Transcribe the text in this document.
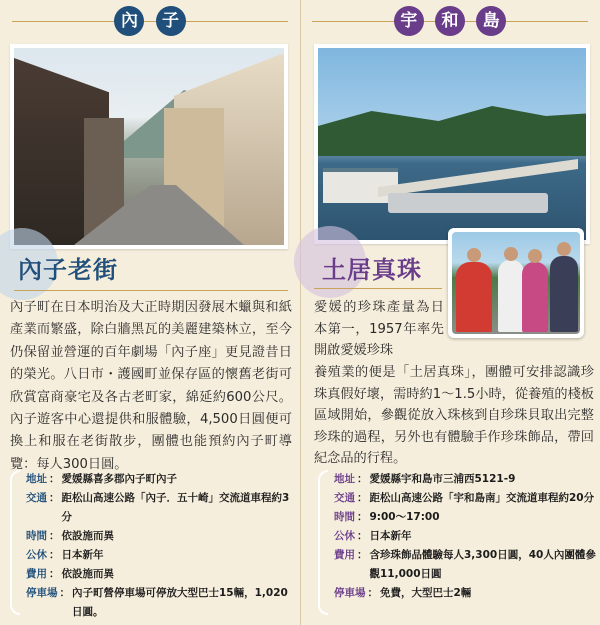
內 子
內子老街

內子町在日本明治及大正時期因發展木蠟與和紙產業而繁盛，除白牆黑瓦的美麗建築林立，至今仍保留並營運的百年劇場「內子座」更見證昔日的榮光。八日市・護國町並保存區的懷舊老街可欣賞富商豪宅及各古老町家，綿延約600公尺。內子遊客中心還提供和服體驗，4,500日圓便可換上和服在老街散步，團體也能預約內子町導覽：每人300日圓。

地址 ： 愛媛縣喜多郡內子町內子
交通 ： 距松山高速公路「內子．五十崎」交流道車程約3分
時間 ： 依設施而異
公休 ： 日本新年
費用 ： 依設施而異
停車場 ： 內子町營停車場可停放大型巴士15輛，1,020日圓。
宇 和 島
土居真珠

愛媛的珍珠產量為日本第一，1957年率先開啟愛媛珍珠

養殖業的便是「土居真珠」，團體可安排認識珍珠真假好壞，需時約1～1.5小時，從養殖的棧板區域開始，參觀從放入珠核到自珍珠貝取出完整珍珠的過程，另外也有體驗手作珍珠飾品，帶回紀念品的行程。

地址 ： 愛媛縣宇和島市三浦西5121-9
交通 ： 距松山高速公路「宇和島南」交流道車程約20分
時間 ： 9:00～17:00
公休 ： 日本新年
費用 ： 含珍珠飾品體驗每人3,300日圓，40人內團體參觀11,000日圓
停車場 ： 免費，大型巴士2輛
